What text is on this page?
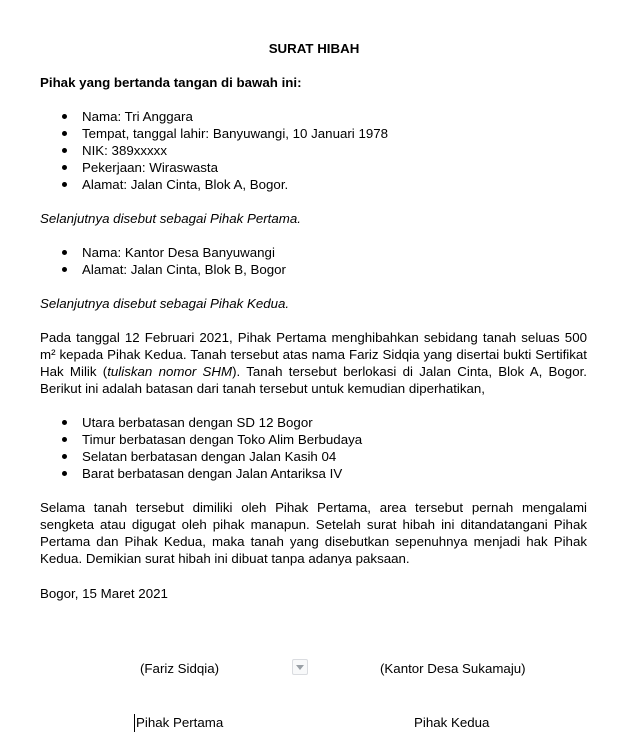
SURAT HIBAH
Pihak yang bertanda tangan di bawah ini:
Nama: Tri Anggara
Tempat, tanggal lahir: Banyuwangi, 10 Januari 1978
NIK: 389xxxxx
Pekerjaan: Wiraswasta
Alamat: Jalan Cinta, Blok A, Bogor.
Selanjutnya disebut sebagai Pihak Pertama.
Nama: Kantor Desa Banyuwangi
Alamat: Jalan Cinta, Blok B, Bogor
Selanjutnya disebut sebagai Pihak Kedua.
Pada tanggal 12 Februari 2021, Pihak Pertama menghibahkan sebidang tanah seluas 500 m² kepada Pihak Kedua. Tanah tersebut atas nama Fariz Sidqia yang disertai bukti Sertifikat Hak Milik (tuliskan nomor SHM). Tanah tersebut berlokasi di Jalan Cinta, Blok A, Bogor. Berikut ini adalah batasan dari tanah tersebut untuk kemudian diperhatikan,
Utara berbatasan dengan SD 12 Bogor
Timur berbatasan dengan Toko Alim Berbudaya
Selatan berbatasan dengan Jalan Kasih 04
Barat berbatasan dengan Jalan Antariksa IV
Selama tanah tersebut dimiliki oleh Pihak Pertama, area tersebut pernah mengalami sengketa atau digugat oleh pihak manapun. Setelah surat hibah ini ditandatangani Pihak Pertama dan Pihak Kedua, maka tanah yang disebutkan sepenuhnya menjadi hak Pihak Kedua. Demikian surat hibah ini dibuat tanpa adanya paksaan.
Bogor, 15 Maret 2021
(Fariz Sidqia)	(Kantor Desa Sukamaju)
Pihak Pertama	Pihak Kedua
